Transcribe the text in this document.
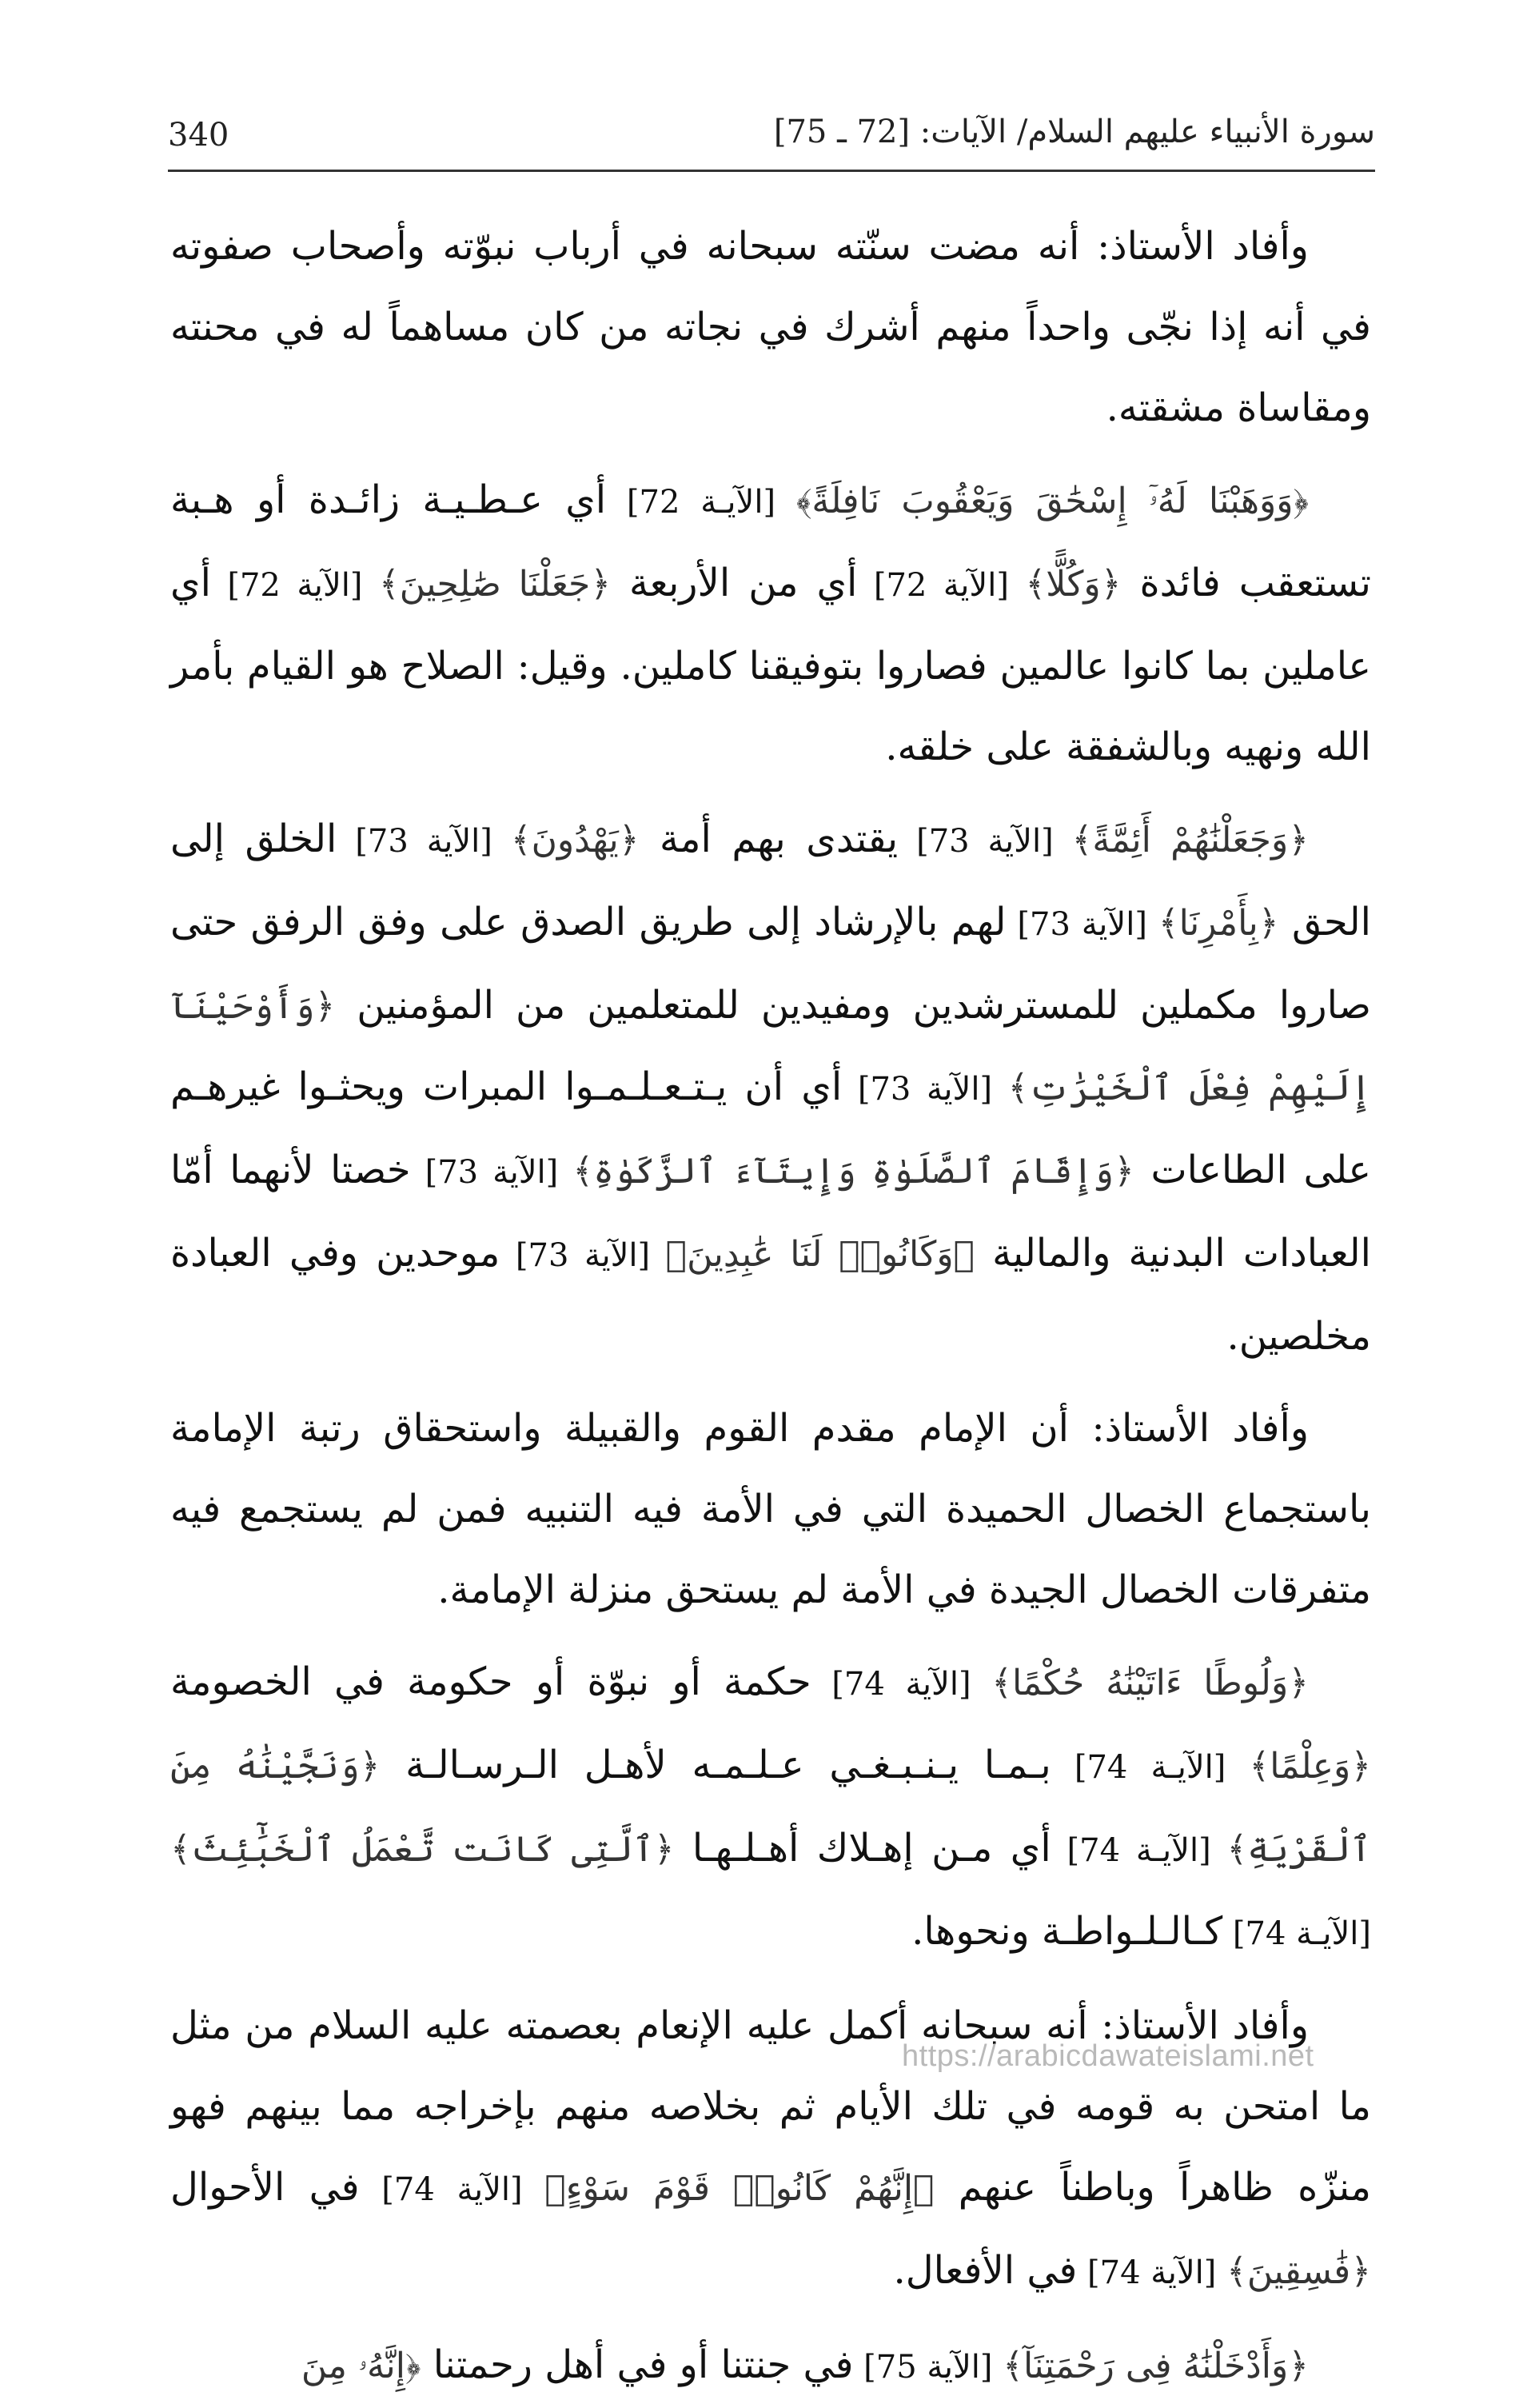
340	سورة الأنبياء عليهم السلام/ الآيات: [72 ـ 75]

وأفاد الأستاذ: أنه مضت سنّته سبحانه في أرباب نبوّته وأصحاب صفوته في أنه إذا نجّى واحداً منهم أشرك في نجاته من كان مساهماً له في محنته ومقاساة مشقته.

﴿وَوَهَبْنَا لَهُۥٓ إِسْحَٰقَ وَيَعْقُوبَ نَافِلَةً﴾ [الآيـة 72] أي عـطـيـة زائـدة أو هـبة تستعقب فائدة ﴿وَكُلًّا﴾ [الآية 72] أي من الأربعة ﴿جَعَلْنَا صَٰلِحِينَ﴾ [الآية 72] أي عاملين بما كانوا عالمين فصاروا بتوفيقنا كاملين. وقيل: الصلاح هو القيام بأمر الله ونهيه وبالشفقة على خلقه.

﴿وَجَعَلْنَٰهُمْ أَئِمَّةً﴾ [الآية 73] يقتدى بهم أمة ﴿يَهْدُونَ﴾ [الآية 73] الخلق إلى الحق ﴿بِأَمْرِنَا﴾ [الآية 73] لهم بالإرشاد إلى طريق الصدق على وفق الرفق حتى صاروا مكملين للمسترشدين ومفيدين للمتعلمين من المؤمنين ﴿وَأَوْحَيْنَآ إِلَيْهِمْ فِعْلَ ٱلْخَيْرَٰتِ﴾ [الآية 73] أي أن يـتـعـلـمـوا المبرات ويحثـوا غيرهـم على الطاعات ﴿وَإِقَامَ ٱلصَّلَوٰةِ وَإِيتَآءَ ٱلزَّكَوٰةِ﴾ [الآية 73] خصتا لأنهما أمّا العبادات البدنية والمالية ﴿وَكَانُوا۟ لَنَا عَٰبِدِينَ﴾ [الآية 73] موحدين وفي العبادة مخلصين.

وأفاد الأستاذ: أن الإمام مقدم القوم والقبيلة واستحقاق رتبة الإمامة باستجماع الخصال الحميدة التي في الأمة فيه التنبيه فمن لم يستجمع فيه متفرقات الخصال الجيدة في الأمة لم يستحق منزلة الإمامة.

﴿وَلُوطًا ءَاتَيْنَٰهُ حُكْمًا﴾ [الآية 74] حكمة أو نبوّة أو حكومة في الخصومة ﴿وَعِلْمًا﴾ [الآيـة 74] بـمـا يـنـبـغـي عـلـمـه لأهـل الـرسـالـة ﴿وَنَجَّيْنَٰهُ مِنَ ٱلْقَرْيَةِ﴾ [الآيـة 74] أي مـن إهـلاك أهـلـهـا ﴿ٱلَّتِى كَانَت تَّعْمَلُ ٱلْخَبَٰٓئِثَ﴾ [الآيـة 74] كـالـلـواطـة ونحوها.

وأفاد الأستاذ: أنه سبحانه أكمل عليه الإنعام بعصمته عليه السلام من مثل ما امتحن به قومه في تلك الأيام ثم بخلاصه منهم بإخراجه مما بينهم فهو منزّه ظاهراً وباطناً عنهم ﴿إِنَّهُمْ كَانُوا۟ قَوْمَ سَوْءٍ﴾ [الآية 74] في الأحوال ﴿فَٰسِقِينَ﴾ [الآية 74] في الأفعال.

﴿وَأَدْخَلْنَٰهُ فِى رَحْمَتِنَآ﴾ [الآية 75] في جنتنا أو في أهل رحمتنا ﴿إِنَّهُۥ مِنَ

https://arabicdawateislami.net
